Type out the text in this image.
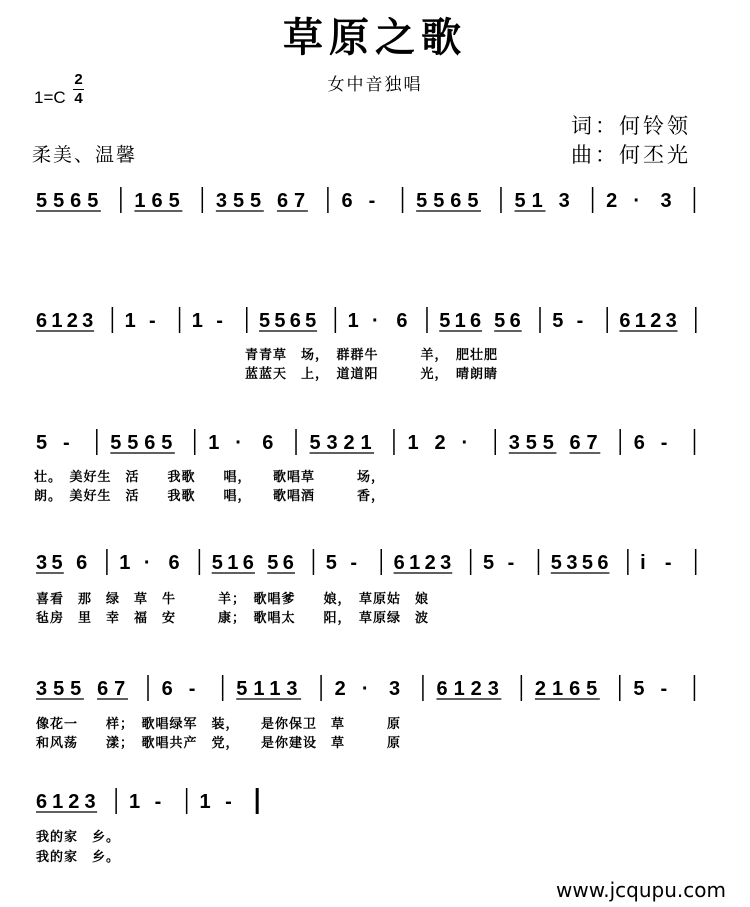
草原之歌
女中音独唱
1=C
2
4
柔美、温馨
词：何铃领
曲：何丕光
5565 165 355 67 6 - 5565 51 3 2 · 3
6123 1 - 1 - 5565 1 · 6 516 56 5 - 6123
5 - 5565 1 · 6 5321 1 2 · 355 67 6 -
35 6 1 · 6 516 56 5 - 6123 5 - 5356 i -
355 67 6 - 5113 2 · 3 6123 2165 5 -
6123 1 - 1 -
青青草　场，　群群牛　　　羊，　肥壮肥
蓝蓝天　上，　道道阳　　　光，　晴朗睛
壮。　美好生　活　　我歌　　唱，　　歌唱草　　　场，
朗。　美好生　活　　我歌　　唱，　　歌唱酒　　　香，
喜看　那　绿　草　牛　　　羊；　歌唱爹　　娘，　草原姑　娘
毡房　里　幸　福　安　　　康；　歌唱太　　阳，　草原绿　波
像花一　　样；　歌唱绿军　装，　　是你保卫　草　　　原
和风荡　　漾；　歌唱共产　党，　　是你建设　草　　　原
我的家　乡。
我的家　乡。
www.jcqupu.com
